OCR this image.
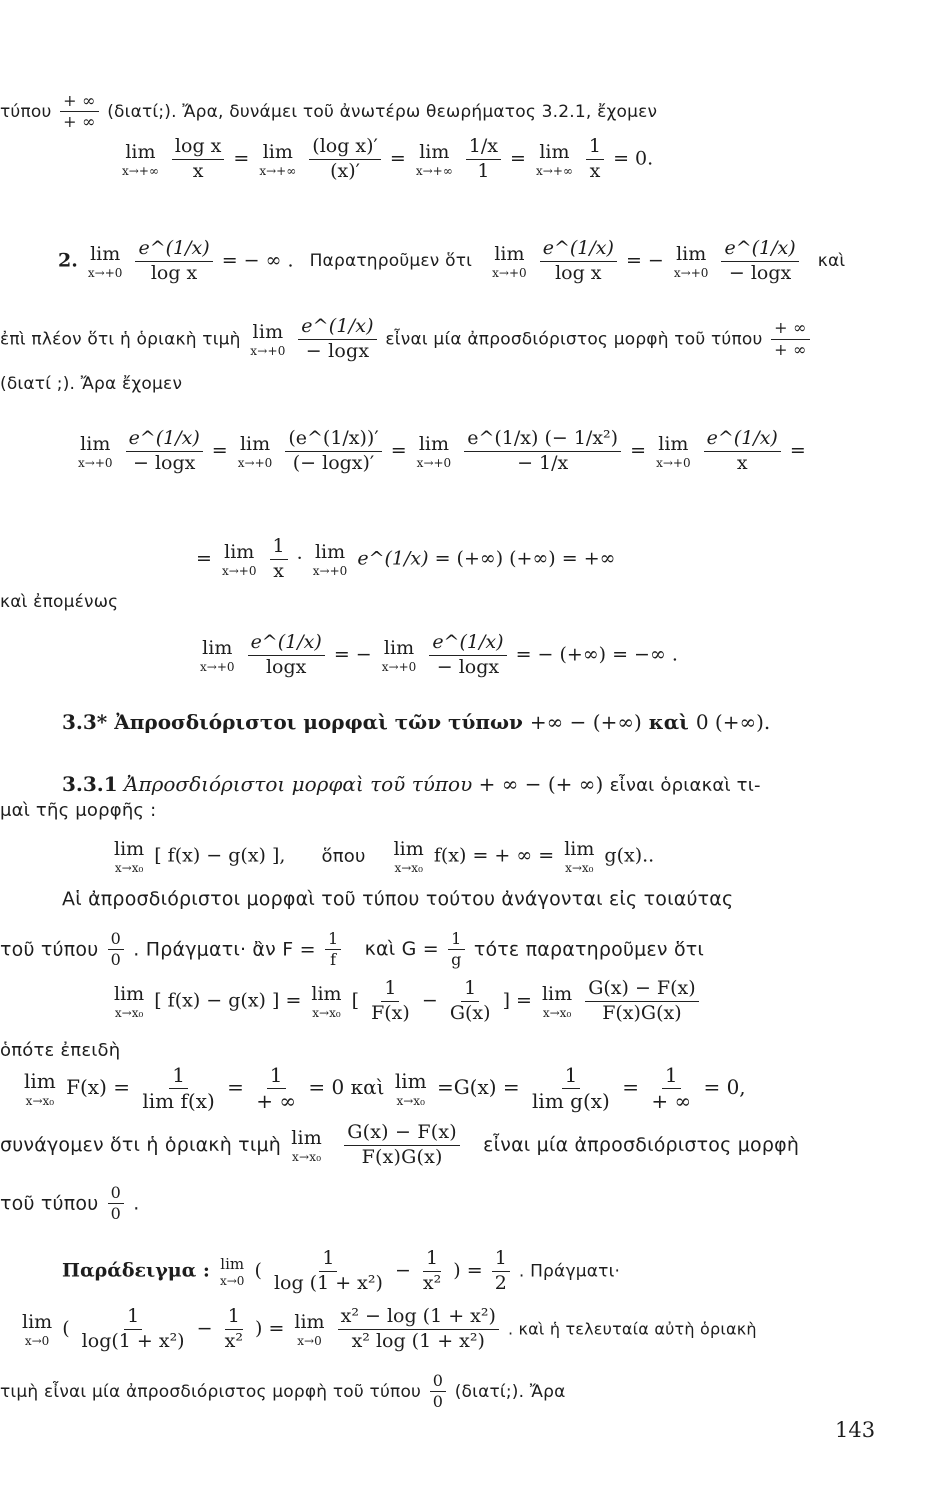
τύπου $\frac{+ \infty}{+ \infty}$ (διατί;). Ἄρα, δυνάμει τοῦ ἀνωτέρω θεωρήματος 3.2.1, ἔχομεν
lim
x→+∞
$\frac{\text{log x}}{x} = \lim$
x→+∞
$\frac{\text{(log x)′}}{(x)'} = \lim$
x→+∞
$\frac{1/x}{1} = \lim$
x→+∞
$\frac{1}{x} = 0$.
2. lim
x→+0
$\frac{e\^{}(1/x)}{\text{log x}}$ = − ∞ . Παρατηροῦμεν ὅτι lim
x→+0
$\frac{e\^{}(1/x)}{\text{log x}}$ = − lim
x→+0
$\frac{e\^{}(1/x)}{- \log x}$ καὶ
ἐπὶ πλέον ὅτι ἡ ὁριακὴ τιμὴ lim
x→+0
$\frac{e\^{}(1/x)}{- \log x}$ εἶναι μία ἀπροσδιόριστος μορφὴ τοῦ τύπου $\frac{+ \infty}{+ \infty}$
(διατί ;). Ἄρα ἔχομεν
lim
x→+0
$\frac{e\^{}(1/x)}{- \log x} = \lim$
x→+0
$\frac{(e\^{}(1/x))'}{(- \log x)'} = \lim$
x→+0
$\frac{\text{e\textasciicircum{}(1/x) (− 1/x²)}}{- 1/x} = \lim$
x→+0
$\frac{e\^{}(1/x)}{x}$ =
= lim
x→+0
$\frac{1}{x} \cdot \lim$
x→+0
e^(1/x) = (+∞) (+∞) = +∞
καὶ ἐπομένως
lim
x→+0
$\frac{e\^{}(1/x)}{\log x}$ = − lim
x→+0
$\frac{e\^{}(1/x)}{- \log x}$ = − (+∞) = −∞ .
3.3* Ἀπροσδιόριστοι μορφαὶ τῶν τύπων +∞ − (+∞) καὶ 0 (+∞).
3.3.1 Ἀπροσδιόριστοι μορφαὶ τοῦ τύπου + ∞ − (+ ∞) εἶναι ὁριακαὶ τι-
μαὶ τῆς μορφῆς :
lim
x→x₀
[ f(x) − g(x) ], ὅπου lim
x→x₀
f(x) = + ∞ = lim
x→x₀
g(x)..
Αἱ ἀπροσδιόριστοι μορφαὶ τοῦ τύπου τούτου ἀνάγονται εἰς τοιαύτας
τοῦ τύπου $\frac{0}{0}$ . Πράγματι· ἂν $F = \frac{1}{f}$ καὶ $G = \frac{1}{g}$ τότε παρατηροῦμεν ὅτι
lim
x→x₀
[ f(x) − g(x) ] = lim
x→x₀
[ $\frac{1}{F(x)} - \frac{1}{G(x)}$ ] = lim
x→x₀
$\frac{G(x) - F(x)}{F(x)G(x)}$
ὁπότε ἐπειδὴ
lim
x→x₀
$F(x) = \frac{1}{\text{lim f(x)}} = \frac{1}{+ \infty} = 0$ καὶ lim
x→x₀
$=G(x) = \frac{1}{\text{lim g(x)}} = \frac{1}{+ \infty} = 0$,
συνάγομεν ὅτι ἡ ὁριακὴ τιμὴ lim
x→x₀
$\frac{G(x) - F(x)}{F(x)G(x)}$ εἶναι μία ἀπροσδιόριστος μορφὴ
τοῦ τύπου $\frac{0}{0}$ .
Παράδειγμα : lim
x→0 ( $\frac{1}{\text{log (1 + x²)}} - \frac{1}{\text{x²}}$ ) = $\frac{1}{2}$ . Πράγματι·
lim
x→0
( $\frac{1}{\text{log(1 + x²)}} - \frac{1}{\text{x²}}$ ) = lim
x→0
$\frac{\text{x² − log (1 + x²)}}{\text{x² log (1 + x²)}}$ . καὶ ἡ τελευταία αὐτὴ ὁριακὴ
τιμὴ εἶναι μία ἀπροσδιόριστος μορφὴ τοῦ τύπου $\frac{0}{0}$ (διατί;). Ἄρα
143
